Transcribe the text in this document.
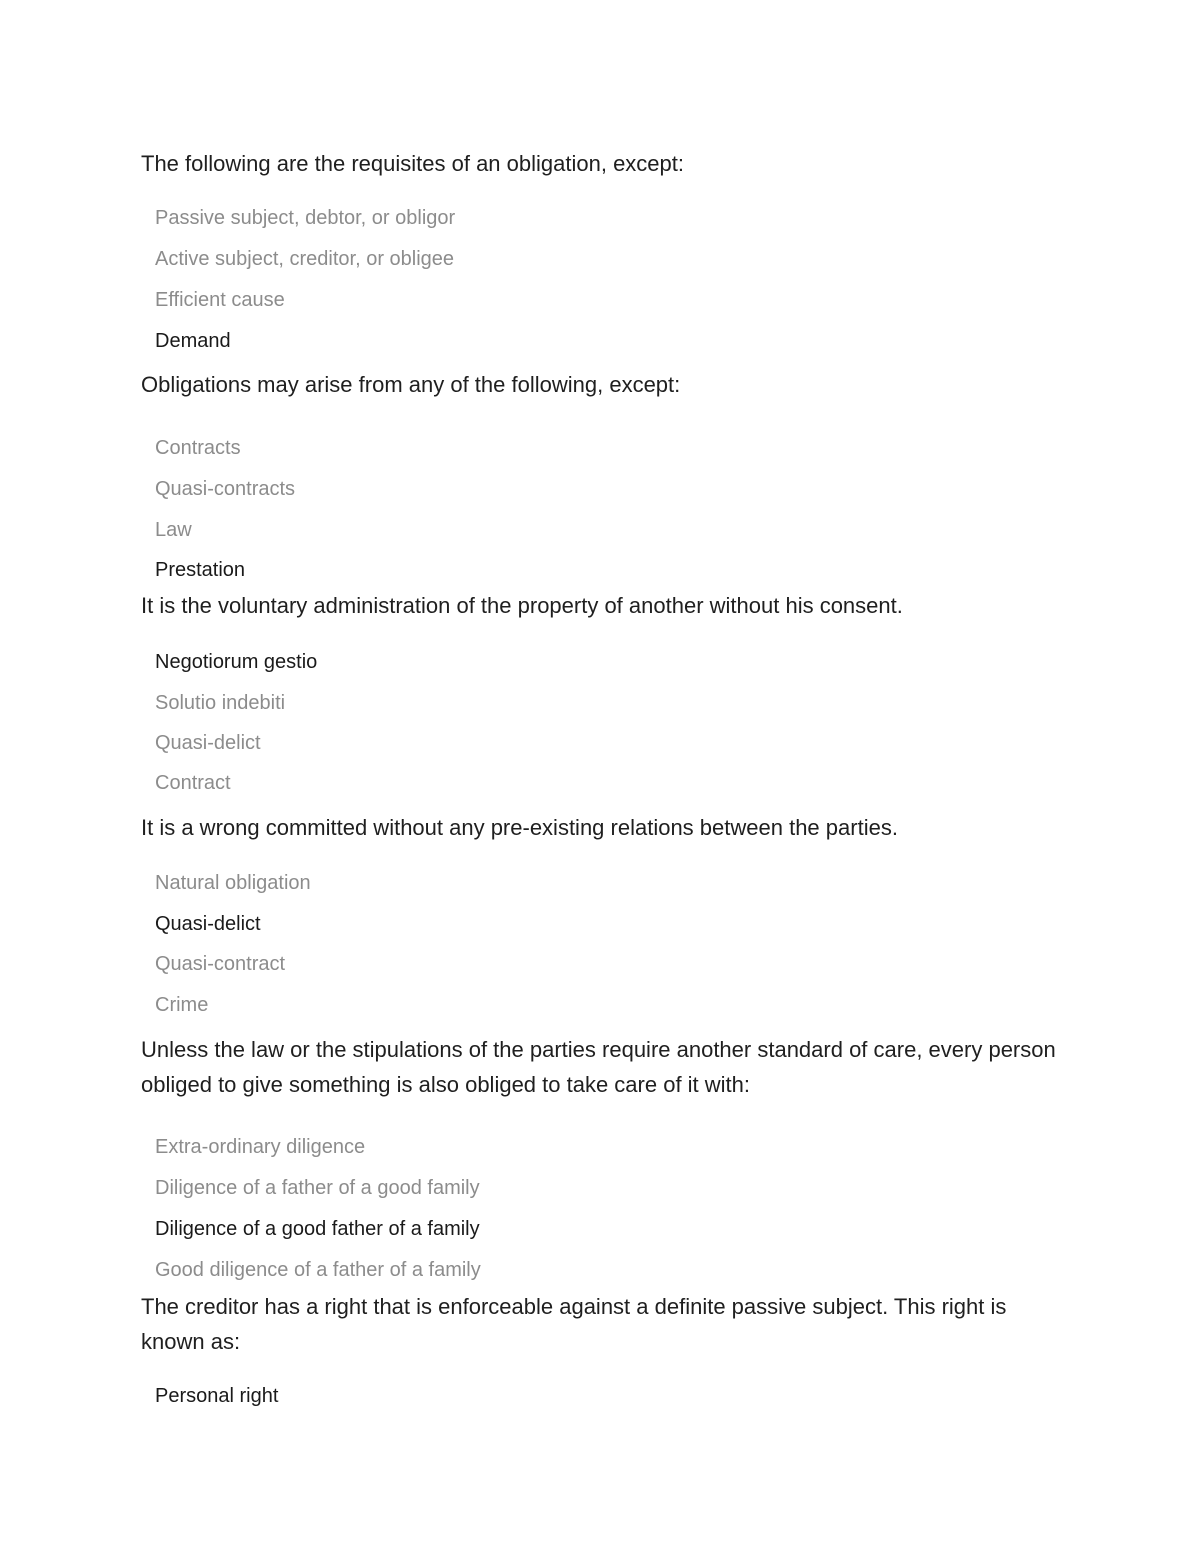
The following are the requisites of an obligation, except:

Passive subject, debtor, or obligor

Active subject, creditor, or obligee

Efficient cause

Demand

Obligations may arise from any of the following, except:

Contracts

Quasi-contracts

Law

Prestation

It is the voluntary administration of the property of another without his consent.

Negotiorum gestio

Solutio indebiti

Quasi-delict

Contract

It is a wrong committed without any pre-existing relations between the parties.

Natural obligation

Quasi-delict

Quasi-contract

Crime

Unless the law or the stipulations of the parties require another standard of care, every person obliged to give something is also obliged to take care of it with:

Extra-ordinary diligence

Diligence of a father of a good family

Diligence of a good father of a family

Good diligence of a father of a family

The creditor has a right that is enforceable against a definite passive subject. This right is known as:

Personal right
